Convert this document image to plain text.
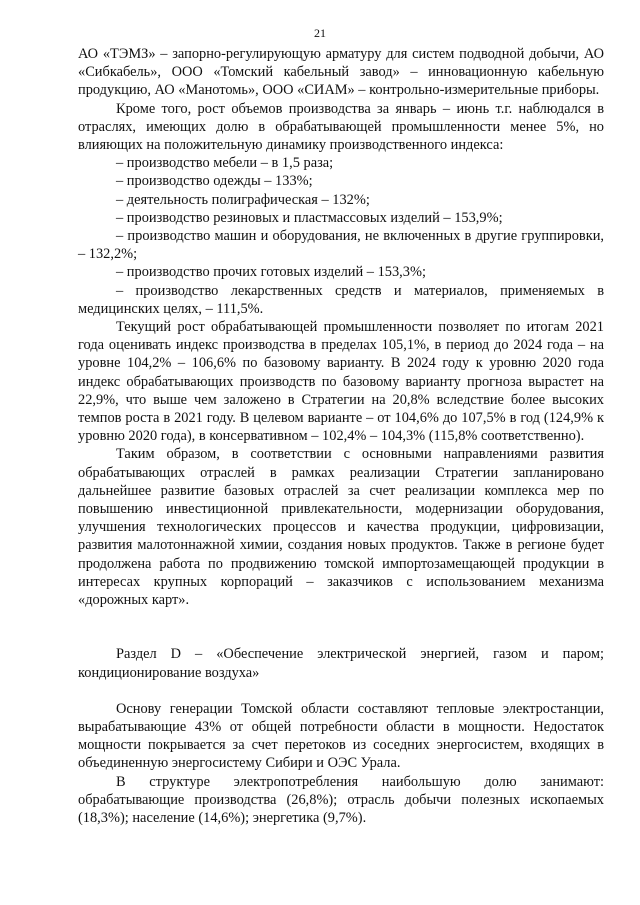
21

АО «ТЭМЗ» – запорно-регулирующую арматуру для систем подводной добычи, АО «Сибкабель», ООО «Томский кабельный завод» – инновационную кабельную продукцию, АО «Манотомь», ООО «СИАМ» – контрольно-измерительные приборы.

Кроме того, рост объемов производства за январь – июнь т.г. наблюдался в отраслях, имеющих долю в обрабатывающей промышленности менее 5%, но влияющих на положительную динамику производственного индекса:

– производство мебели – в 1,5 раза;

– производство одежды – 133%;

– деятельность полиграфическая – 132%;

– производство резиновых и пластмассовых изделий – 153,9%;

– производство машин и оборудования, не включенных в другие группировки, – 132,2%;

– производство прочих готовых изделий – 153,3%;

– производство лекарственных средств и материалов, применяемых в медицинских целях, – 111,5%.

Текущий рост обрабатывающей промышленности позволяет по итогам 2021 года оценивать индекс производства в пределах 105,1%, в период до 2024 года – на уровне 104,2% – 106,6% по базовому варианту. В 2024 году к уровню 2020 года индекс обрабатывающих производств по базовому варианту прогноза вырастет на 22,9%, что выше чем заложено в Стратегии на 20,8% вследствие более высоких темпов роста в 2021 году. В целевом варианте – от 104,6% до 107,5% в год (124,9% к уровню 2020 года), в консервативном – 102,4% – 104,3% (115,8% соответственно).

Таким образом, в соответствии с основными направлениями развития обрабатывающих отраслей в рамках реализации Стратегии запланировано дальнейшее развитие базовых отраслей за счет реализации комплекса мер по повышению инвестиционной привлекательности, модернизации оборудования, улучшения технологических процессов и качества продукции, цифровизации, развития малотоннажной химии, создания новых продуктов. Также в регионе будет продолжена работа по продвижению томской импортозамещающей продукции в интересах крупных корпораций – заказчиков с использованием механизма «дорожных карт».

Раздел D – «Обеспечение электрической энергией, газом и паром; кондиционирование воздуха»

Основу генерации Томской области составляют тепловые электростанции, вырабатывающие 43% от общей потребности области в мощности. Недостаток мощности покрывается за счет перетоков из соседних энергосистем, входящих в объединенную энергосистему Сибири и ОЭС Урала.

В структуре электропотребления наибольшую долю занимают: обрабатывающие производства (26,8%); отрасль добычи полезных ископаемых (18,3%); население (14,6%); энергетика (9,7%).
